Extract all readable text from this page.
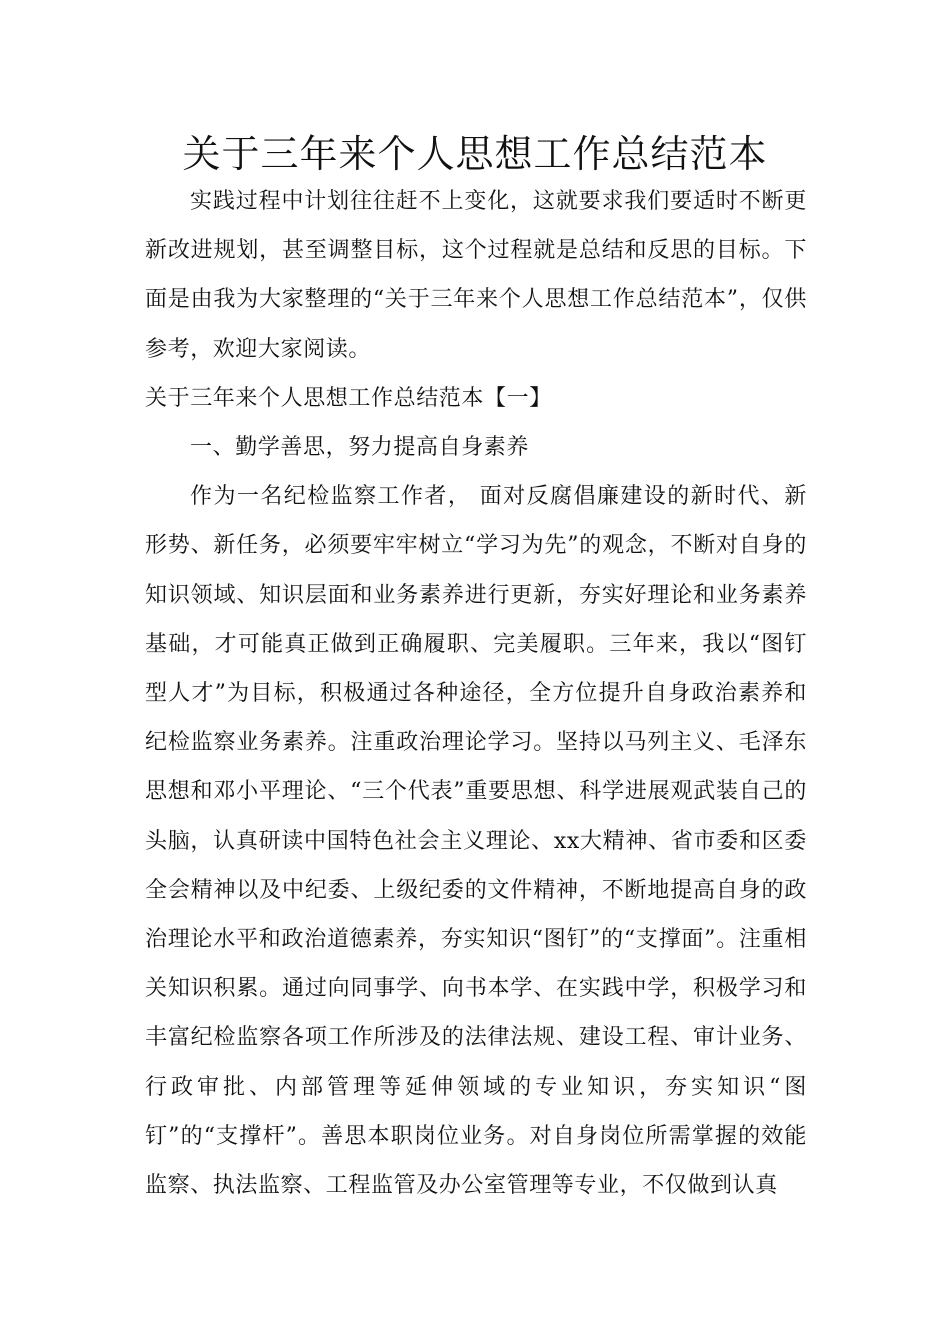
关于三年来个人思想工作总结范本

实践过程中计划往往赶不上变化，这就要求我们要适时不断更新改进规划，甚至调整目标，这个过程就是总结和反思的目标。下面是由我为大家整理的“关于三年来个人思想工作总结范本”，仅供参考，欢迎大家阅读。

关于三年来个人思想工作总结范本【一】

一、勤学善思，努力提高自身素养

作为一名纪检监察工作者， 面对反腐倡廉建设的新时代、新形势、新任务，必须要牢牢树立“学习为先”的观念，不断对自身的知识领域、知识层面和业务素养进行更新，夯实好理论和业务素养基础，才可能真正做到正确履职、完美履职。三年来，我以“图钉型人才”为目标，积极通过各种途径，全方位提升自身政治素养和纪检监察业务素养。注重政治理论学习。坚持以马列主义、毛泽东思想和邓小平理论、“三个代表”重要思想、科学进展观武装自己的头脑，认真研读中国特色社会主义理论、xx大精神、省市委和区委全会精神以及中纪委、上级纪委的文件精神，不断地提高自身的政治理论水平和政治道德素养，夯实知识“图钉”的“支撑面”。注重相关知识积累。通过向同事学、向书本学、在实践中学，积极学习和丰富纪检监察各项工作所涉及的法律法规、建设工程、审计业务、行政审批、内部管理等延伸领域的专业知识，夯实知识“图钉”的“支撑杆”。善思本职岗位业务。对自身岗位所需掌握的效能监察、执法监察、工程监管及办公室管理等专业，不仅做到认真
